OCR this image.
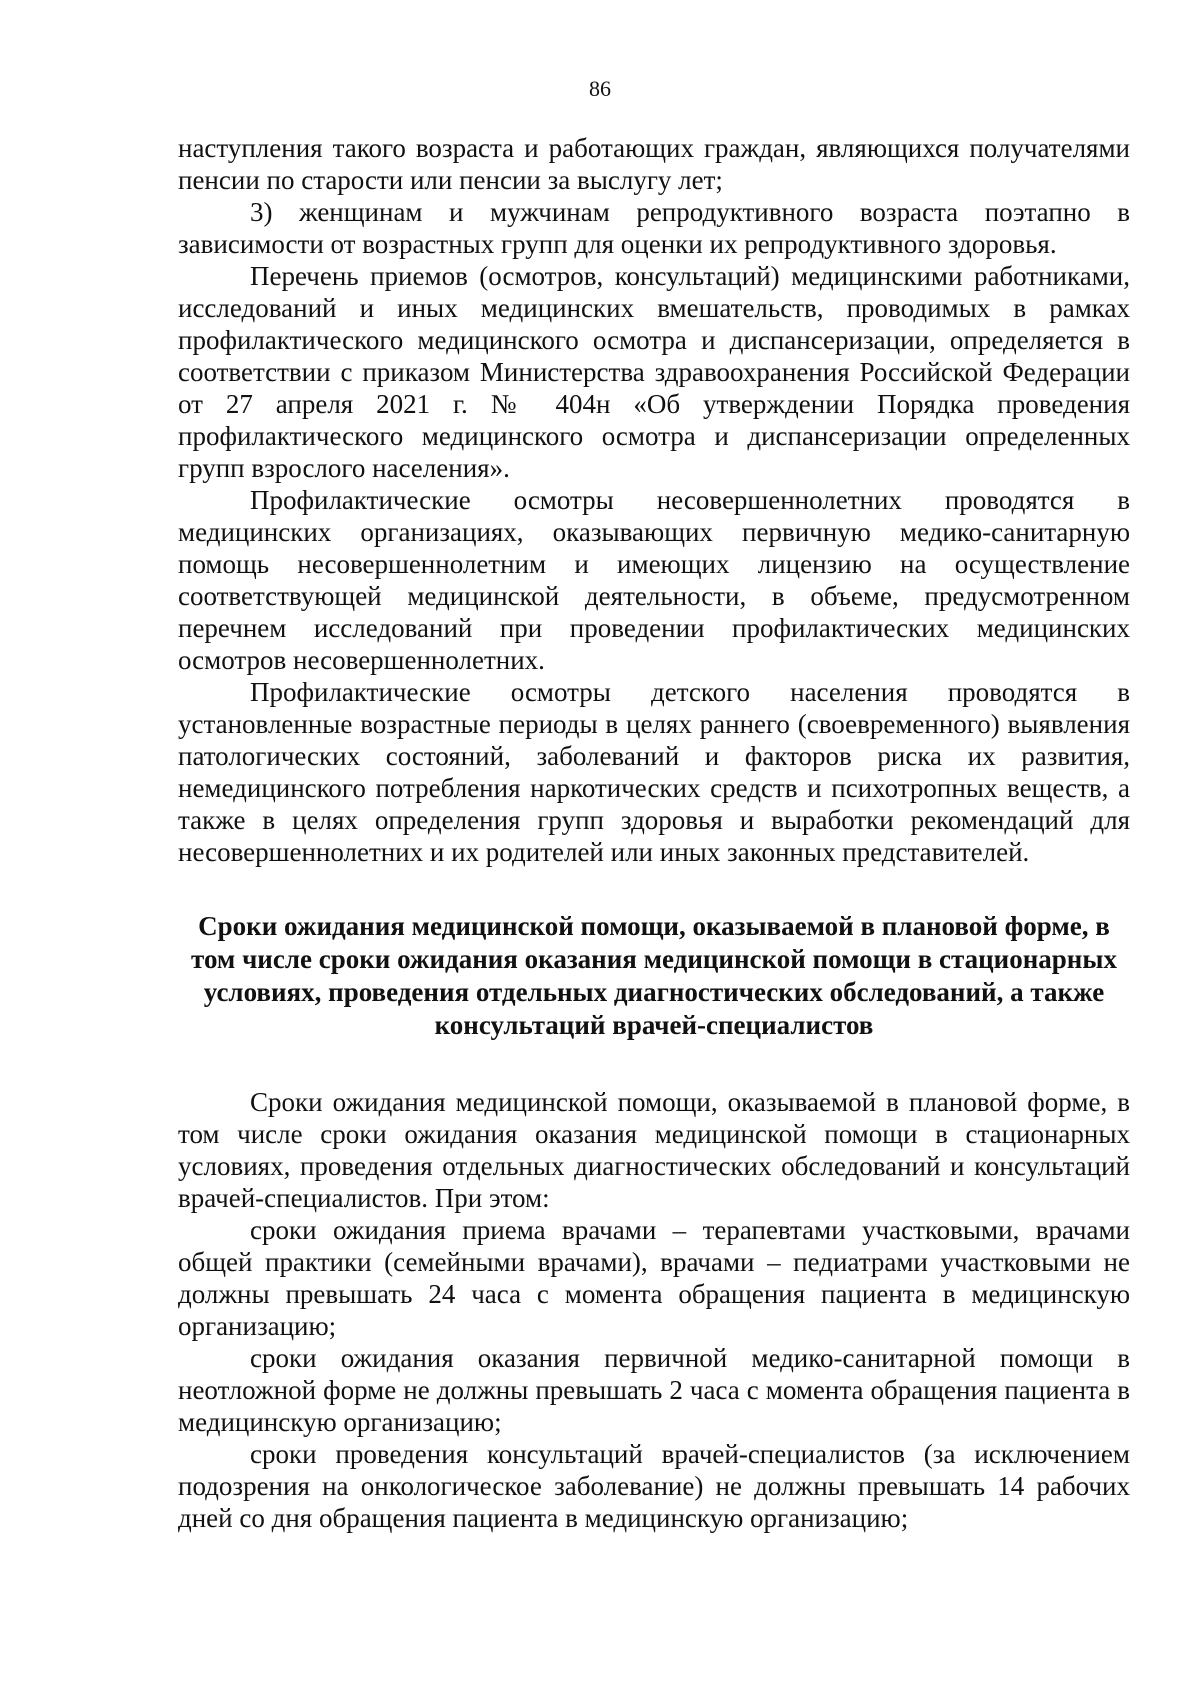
86

наступления такого возраста и работающих граждан, являющихся получателями пенсии по старости или пенсии за выслугу лет;

3) женщинам и мужчинам репродуктивного возраста поэтапно в зависимости от возрастных групп для оценки их репродуктивного здоровья.

Перечень приемов (осмотров, консультаций) медицинскими работниками, исследований и иных медицинских вмешательств, проводимых в рамках профилактического медицинского осмотра и диспансеризации, определяется в соответствии с приказом Министерства здравоохранения Российской Федерации от 27 апреля 2021 г. № 404н «Об утверждении Порядка проведения профилактического медицинского осмотра и диспансеризации определенных групп взрослого населения».

Профилактические осмотры несовершеннолетних проводятся в медицинских организациях, оказывающих первичную медико-санитарную помощь несовершеннолетним и имеющих лицензию на осуществление соответствующей медицинской деятельности, в объеме, предусмотренном перечнем исследований при проведении профилактических медицинских осмотров несовершеннолетних.

Профилактические осмотры детского населения проводятся в установленные возрастные периоды в целях раннего (своевременного) выявления патологических состояний, заболеваний и факторов риска их развития, немедицинского потребления наркотических средств и психотропных веществ, а также в целях определения групп здоровья и выработки рекомендаций для несовершеннолетних и их родителей или иных законных представителей.

Сроки ожидания медицинской помощи, оказываемой в плановой форме, в том числе сроки ожидания оказания медицинской помощи в стационарных условиях, проведения отдельных диагностических обследований, а также консультаций врачей-специалистов

Сроки ожидания медицинской помощи, оказываемой в плановой форме, в том числе сроки ожидания оказания медицинской помощи в стационарных условиях, проведения отдельных диагностических обследований и консультаций врачей-специалистов. При этом:

сроки ожидания приема врачами – терапевтами участковыми, врачами общей практики (семейными врачами), врачами – педиатрами участковыми не должны превышать 24 часа с момента обращения пациента в медицинскую организацию;

сроки ожидания оказания первичной медико-санитарной помощи в неотложной форме не должны превышать 2 часа с момента обращения пациента в медицинскую организацию;

сроки проведения консультаций врачей-специалистов (за исключением подозрения на онкологическое заболевание) не должны превышать 14 рабочих дней со дня обращения пациента в медицинскую организацию;
